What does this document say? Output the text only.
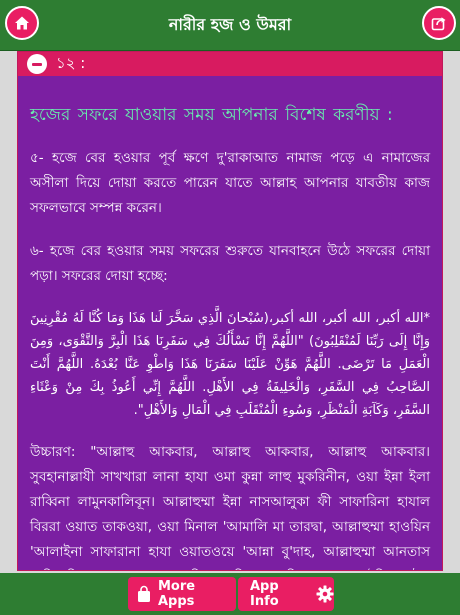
নারীর হজ ও উমরা
১২ :
হজের সফরে যাওয়ার সময় আপনার বিশেষ করণীয় :
৫- হজে বের হওয়ার পূর্ব ক্ষণে দু'রাকাআত নামাজ পড়ে এ নামাজের অসীলা দিয়ে দোয়া করতে পারেন যাতে আল্লাহ আপনার যাবতীয় কাজ সফলভাবে সম্পন্ন করেন।
৬- হজে বের হওয়ার সময় সফরের শুরুতে যানবাহনে উঠে সফরের দোয়া পড়া। সফরের দোয়া হচ্ছে:
*الله أكبر، الله أكبر، الله أكبر،(سُبْحانَ الَّذِي سَخَّرَ لَنا هَذَا وَمَا كُنَّا لَهُ مُقْرِنِينَ وَإِنَّا إِلَى رَبِّنَا لَمُنْقَلِبُونَ) "اللَّهُمَّ إِنَّا نَسْأَلُكَ فِي سَفَرِنَا هَذَا الْبِرَّ وَالتَّقْوَى، وَمِنَ الْعَمَلِ مَا تَرْضَى. اللَّهُمَّ هَوِّنْ عَلَيْنَا سَفَرَنَا هَذَا وَاطْوِ عَنَّا بُعْدَهُ. اللَّهُمَّ أَنْتَ الصَّاحِبُ فِي السَّفَرِ، وَالْخَلِيفَةُ فِي الأَهْلِ. اللَّهُمَّ إِنِّي أَعُوذُ بِكَ مِنْ وَعْثَاءِ السَّفَرِ، وَكَآبَةِ الْمَنْظَرِ، وَسُوءِ الْمُنْقَلَبِ فِي الْمَالِ وَالأَهْلِ".
উচ্চারণ: "আল্লাহু আকবার, আল্লাহু আকবার, আল্লাহু আকবার। সুবহানাল্লাযী সাখখারা লানা হাযা ওমা কুন্না লাহু মুকরিনীন, ওয়া ইন্না ইলা রাব্বিনা লামুনকালিবূন। আল্লাহুম্মা ইন্না নাসআলুকা ফী সাফারিনা হাযাল বিররা ওয়াত তাকওয়া, ওয়া মিনাল 'আমালি মা তারদ্বা, আল্লাহুম্মা হাওয়িন 'আলাইনা সাফারানা হাযা ওয়াতওয়ে 'আন্না বু'দাহ, আল্লাহুম্মা আনতাস
More Apps
App Info
